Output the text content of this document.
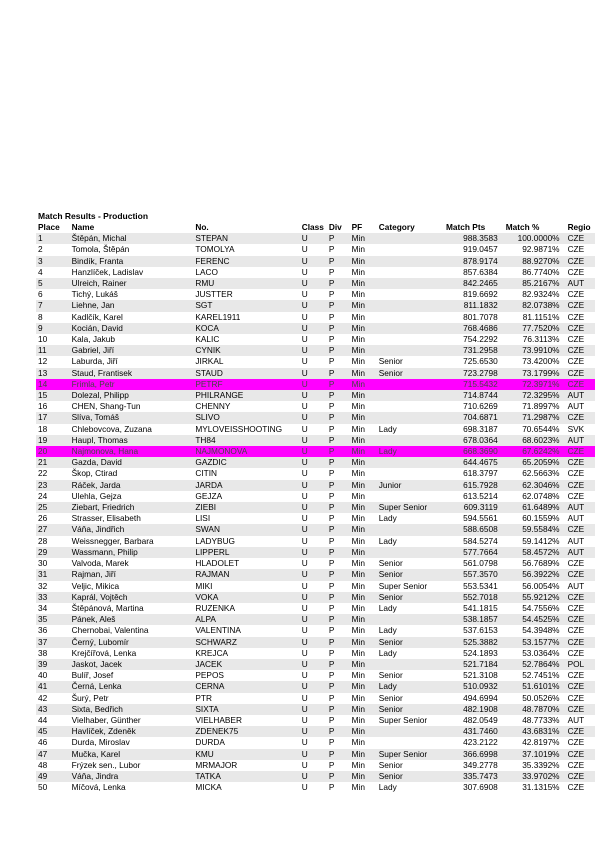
Match Results - Production
Place	Name	No.	Class	Div	PF	Category	Match Pts	Match %	Regio
1	Štěpán, Michal	STEPAN	U	P	Min		988.3583	100.0000%	CZE
2	Tomola, Štěpán	TOMOLYA	U	P	Min		919.0457	92.9871%	CZE
3	Bindík, Franta	FERENC	U	P	Min		878.9174	88.9270%	CZE
4	Hanzlíček, Ladislav	LACO	U	P	Min		857.6384	86.7740%	CZE
5	Ulreich, Rainer	RMU	U	P	Min		842.2465	85.2167%	AUT
6	Tichý, Lukáš	JUSTTER	U	P	Min		819.6692	82.9324%	CZE
7	Liehne, Jan	SGT	U	P	Min		811.1832	82.0738%	CZE
8	Kadlčík, Karel	KAREL1911	U	P	Min		801.7078	81.1151%	CZE
9	Kocián, David	KOCA	U	P	Min		768.4686	77.7520%	CZE
10	Kala, Jakub	KALIC	U	P	Min		754.2292	76.3113%	CZE
11	Gabriel, Jiří	CYNIK	U	P	Min		731.2958	73.9910%	CZE
12	Laburda, Jiří	JIRKAL	U	P	Min	Senior	725.6530	73.4200%	CZE
13	Staud, Frantisek	STAUD	U	P	Min	Senior	723.2798	73.1799%	CZE
14	Frimla, Petr	PETRF	U	P	Min		715.5432	72.3971%	CZE
15	Dolezal, Philipp	PHILRANGE	U	P	Min		714.8744	72.3295%	AUT
16	CHEN, Shang-Tun	CHENNY	U	P	Min		710.6269	71.8997%	AUT
17	Slíva, Tomáš	SLIVO	U	P	Min		704.6871	71.2987%	CZE
18	Chlebovcova, Zuzana	MYLOVEISSHOOTING	U	P	Min	Lady	698.3187	70.6544%	SVK
19	Haupl, Thomas	TH84	U	P	Min		678.0364	68.6023%	AUT
20	Najmonova, Hana	NAJMONOVA	U	P	Min	Lady	668.3690	67.6242%	CZE
21	Gazda, David	GAZDIC	U	P	Min		644.4675	65.2059%	CZE
22	Škop, Ctirad	CITIN	U	P	Min		618.3797	62.5663%	CZE
23	Ráček, Jarda	JARDA	U	P	Min	Junior	615.7928	62.3046%	CZE
24	Ulehla, Gejza	GEJZA	U	P	Min		613.5214	62.0748%	CZE
25	Ziebart, Friedrich	ZIEBI	U	P	Min	Super Senior	609.3119	61.6489%	AUT
26	Strasser, Elisabeth	LISI	U	P	Min	Lady	594.5561	60.1559%	AUT
27	Váňa, Jindřich	SWAN	U	P	Min		588.6508	59.5584%	CZE
28	Weissnegger, Barbara	LADYBUG	U	P	Min	Lady	584.5274	59.1412%	AUT
29	Wassmann, Philip	LIPPERL	U	P	Min		577.7664	58.4572%	AUT
30	Valvoda, Marek	HLADOLET	U	P	Min	Senior	561.0798	56.7689%	CZE
31	Rajman, Jiří	RAJMAN	U	P	Min	Senior	557.3570	56.3922%	CZE
32	Veljic, Mikica	MIKI	U	P	Min	Super Senior	553.5341	56.0054%	AUT
33	Kaprál, Vojtěch	VOKA	U	P	Min	Senior	552.7018	55.9212%	CZE
34	Štěpánová, Martina	RUZENKA	U	P	Min	Lady	541.1815	54.7556%	CZE
35	Pánek, Aleš	ALPA	U	P	Min		538.1857	54.4525%	CZE
36	Chernobai, Valentina	VALENTINA	U	P	Min	Lady	537.6153	54.3948%	CZE
37	Černý, Lubomír	SCHWARZ	U	P	Min	Senior	525.3882	53.1577%	CZE
38	Krejčířová, Lenka	KREJCA	U	P	Min	Lady	524.1893	53.0364%	CZE
39	Jaskot, Jacek	JACEK	U	P	Min		521.7184	52.7864%	POL
40	Bulíř, Josef	PEPOS	U	P	Min	Senior	521.3108	52.7451%	CZE
41	Černá, Lenka	CERNA	U	P	Min	Lady	510.0932	51.6101%	CZE
42	Šurý, Petr	PTR	U	P	Min	Senior	494.6994	50.0526%	CZE
43	Sixta, Bedřich	SIXTA	U	P	Min	Senior	482.1908	48.7870%	CZE
44	Vielhaber, Günther	VIELHABER	U	P	Min	Super Senior	482.0549	48.7733%	AUT
45	Havlíček, Zdeněk	ZDENEK75	U	P	Min		431.7460	43.6831%	CZE
46	Durda, Miroslav	DURDA	U	P	Min		423.2122	42.8197%	CZE
47	Mučka, Karel	KMU	U	P	Min	Super Senior	366.6998	37.1019%	CZE
48	Frýzek sen., Lubor	MRMAJOR	U	P	Min	Senior	349.2778	35.3392%	CZE
49	Váňa, Jindra	TATKA	U	P	Min	Senior	335.7473	33.9702%	CZE
50	Míčová, Lenka	MICKA	U	P	Min	Lady	307.6908	31.1315%	CZE
